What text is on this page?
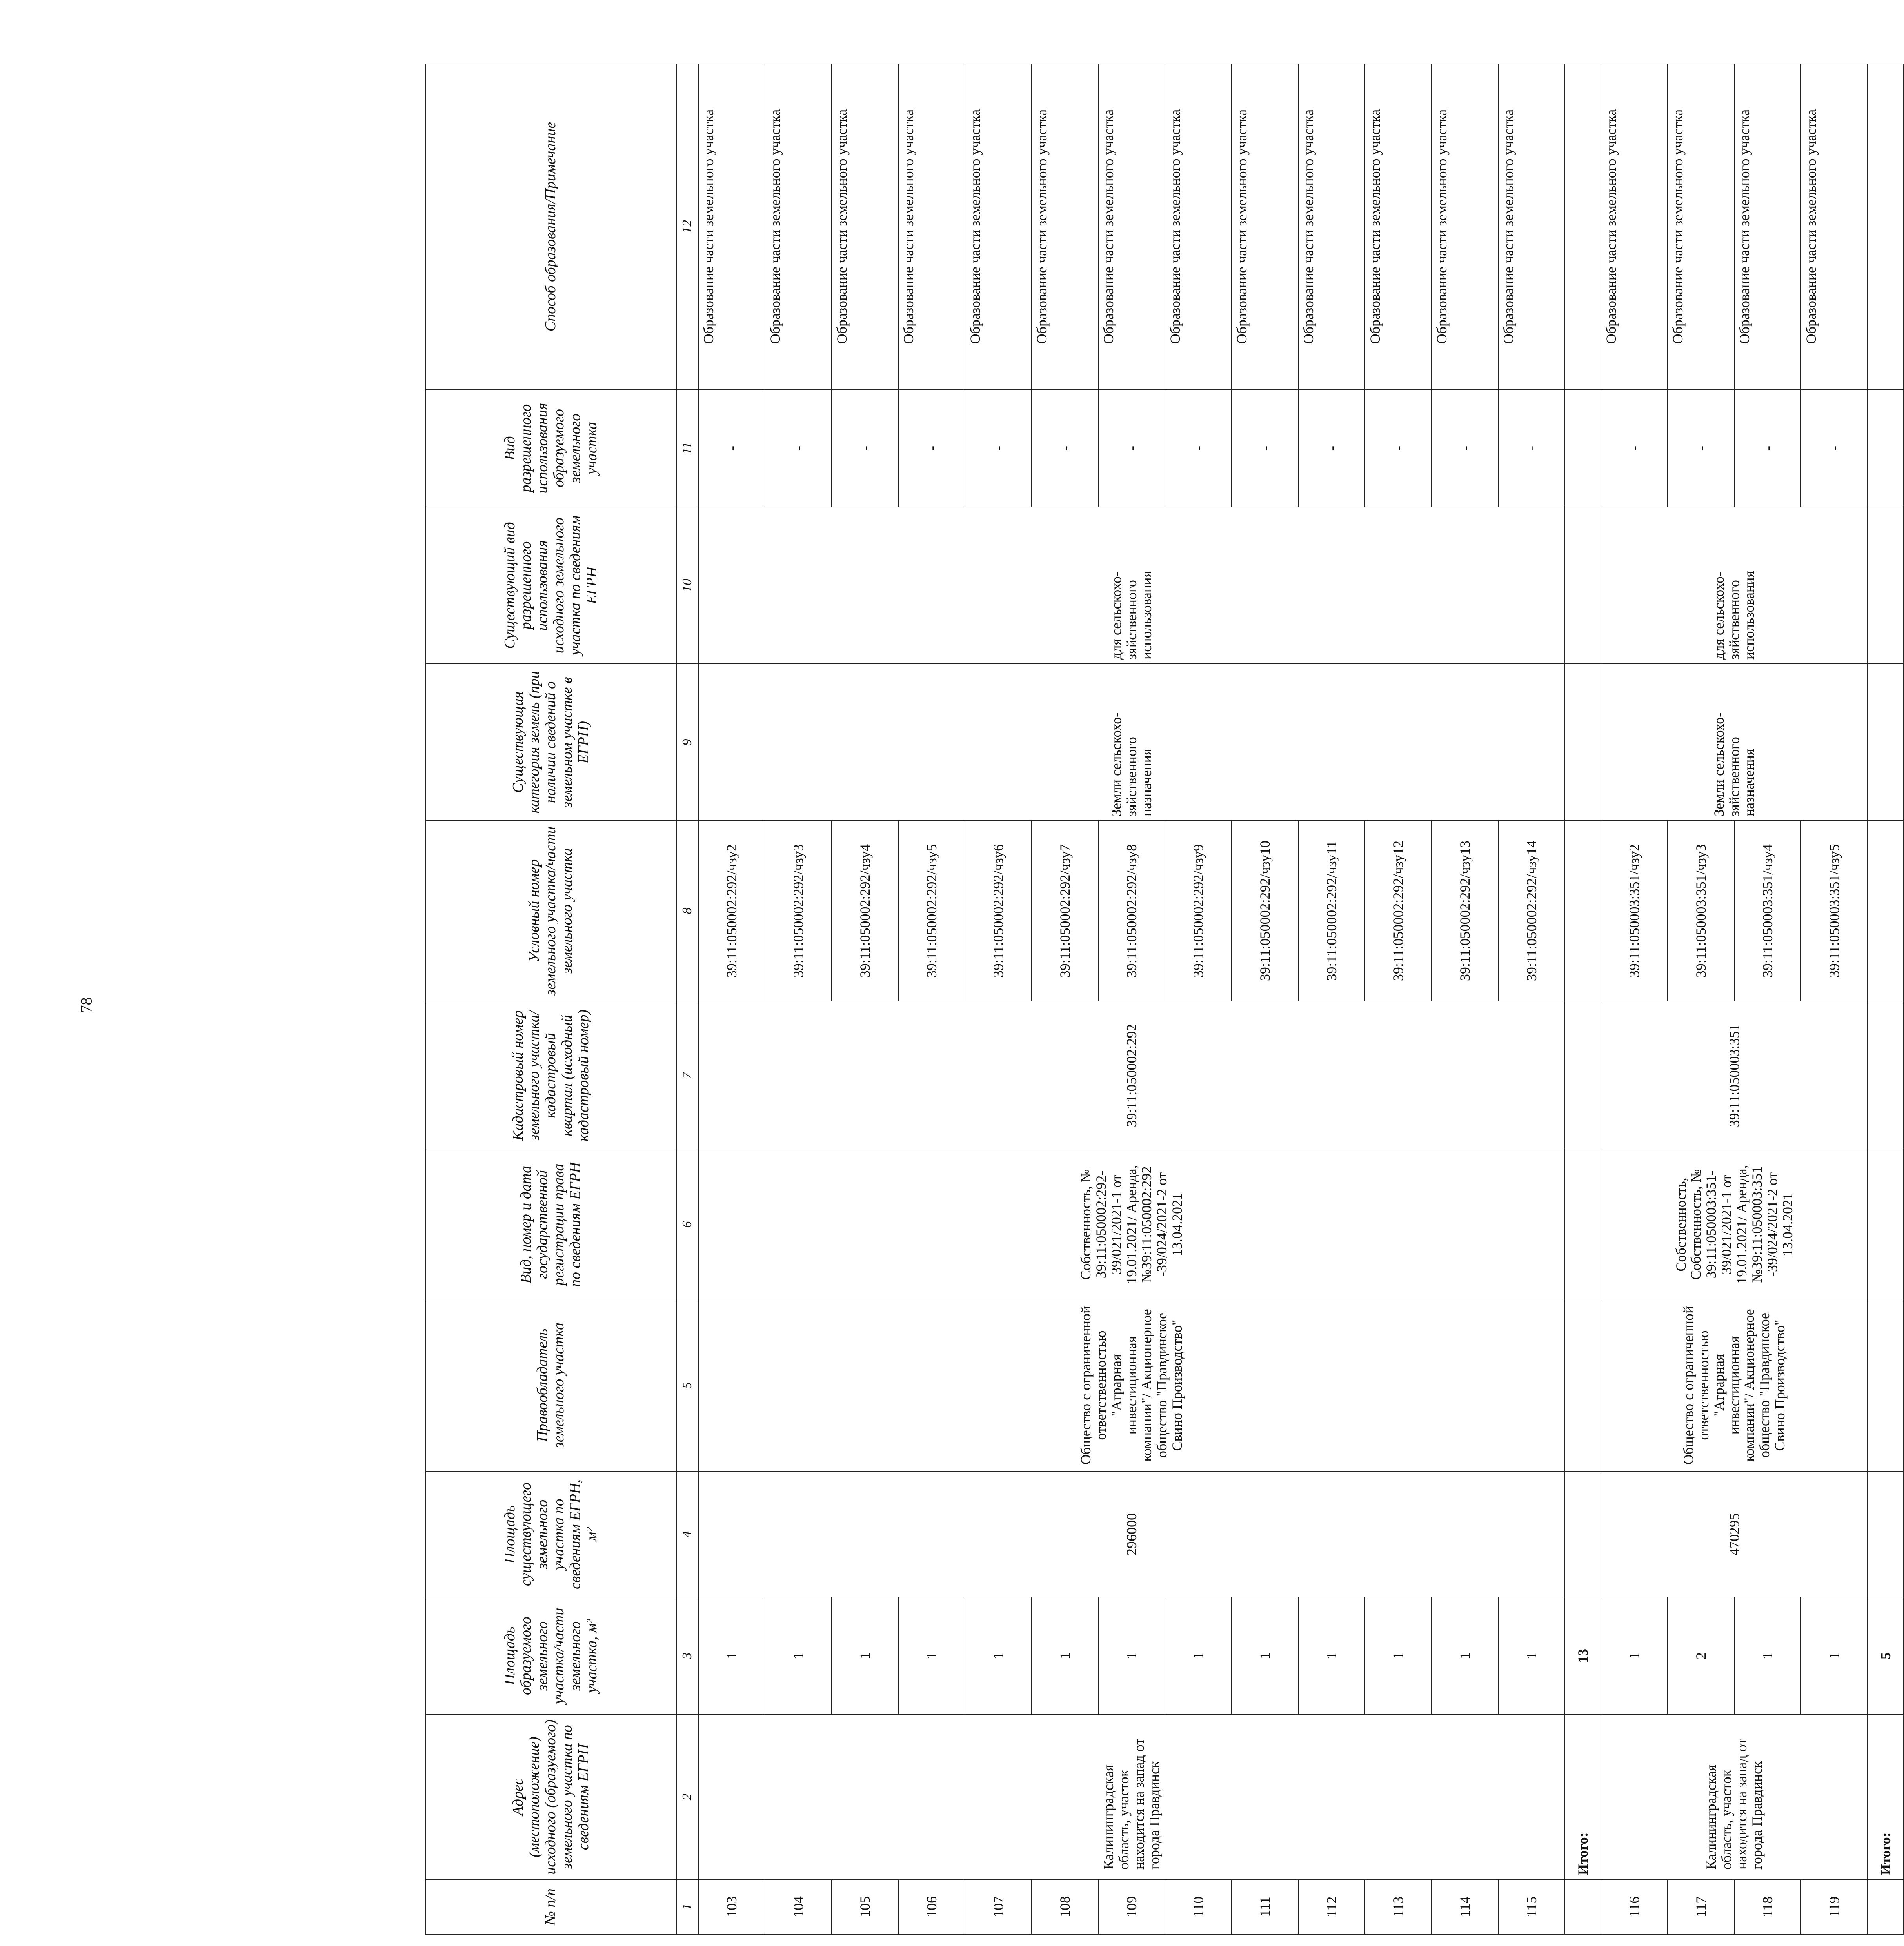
78
№ п/п	Адрес (местоположение) исходного (образуемого) земельного участка по сведениям ЕГРН	Площадь образуемого земельного участка/части земельного участка, м²	Площадь существующего земельного участка по сведениям ЕГРН, м²	Правообладатель земельного участка	Вид, номер и дата государственной регистрации права по сведениям ЕГРН	Кадастровый номер земельного участка/кадастровый квартал (исходный кадастровый номер)	Условный номер земельного участка/части земельного участка	Существующая категория земель (при наличии сведений о земельном участке в ЕГРН)	Существующий вид разрешенного использования исходного земельного участка по сведениям ЕГРН	Вид разрешенного использования образуемого земельного участка	Способ образования/Примечание
1	2	3	4	5	6	7	8	9	10	11	12
103	Калининградская область, участок находится на запад от города Правдинск	1	296000	Общество с ограниченной ответственностью "Аграрная инвестиционная компании"/ Акционерное общество "Правдинское Свино Производство"	Собственность, № 39:11:050002:292-39/021/2021-1 от 19.01.2021/ Аренда, №39:11:050002:292 -39/024/2021-2 от 13.04.2021	39:11:050002:292	39:11:050002:292/чзу2	Земли сельскохо-зяйственного назначения	для сельскохо-зяйственного использования	-	Образование части земельного участка
104		1					39:11:050002:292/чзу3			-	Образование части земельного участка
105		1					39:11:050002:292/чзу4			-	Образование части земельного участка
106		1					39:11:050002:292/чзу5			-	Образование части земельного участка
107		1					39:11:050002:292/чзу6			-	Образование части земельного участка
108		1					39:11:050002:292/чзу7			-	Образование части земельного участка
109		1					39:11:050002:292/чзу8			-	Образование части земельного участка
110		1					39:11:050002:292/чзу9			-	Образование части земельного участка
111		1					39:11:050002:292/чзу10			-	Образование части земельного участка
112		1					39:11:050002:292/чзу11			-	Образование части земельного участка
113		1					39:11:050002:292/чзу12			-	Образование части земельного участка
114		1					39:11:050002:292/чзу13			-	Образование части земельного участка
115		1					39:11:050002:292/чзу14			-	Образование части земельного участка
	Итого:	13									
116	Калининградская область, участок находится на запад от города Правдинск	1	470295	Общество с ограниченной ответственностью "Аграрная инвестиционная компании"/ Акционерное общество "Правдинское Свино Производство"	Собственность, Собственность, № 39:11:050003:351-39/021/2021-1 от 19.01.2021/ Аренда, №39:11:050003:351 -39/024/2021-2 от 13.04.2021	39:11:050003:351	39:11:050003:351/чзу2	Земли сельскохо-зяйственного назначения	для сельскохо-зяйственного использования	-	Образование части земельного участка
117		2					39:11:050003:351/чзу3			-	Образование части земельного участка
118		1					39:11:050003:351/чзу4			-	Образование части земельного участка
119		1					39:11:050003:351/чзу5			-	Образование части земельного участка
	Итого:	5									
